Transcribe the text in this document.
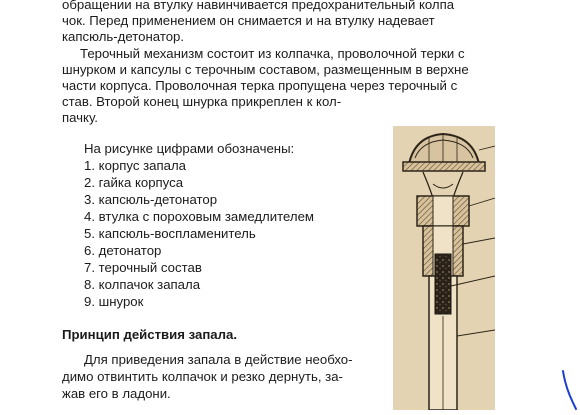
обращении на втулку навинчивается предохранительный колпа
чок. Перед применением он снимается и на втулку надевает
капсюль-детонатор.
Терочный механизм состоит из колпачка, проволочной терки с
шнурком и капсулы с терочным составом, размещенным в верхне
части корпуса. Проволочная терка пропущена через терочный с
став. Второй конец шнурка прикреплен к кол-
пачку.
На рисунке цифрами обозначены:
1. корпус запала
2. гайка корпуса
3. капсюль-детонатор
4. втулка с пороховым замедлителем
5. капсюль-воспламенитель
6. детонатор
7. терочный состав
8. колпачок запала
9. шнурок
Принцип действия запала.
Для приведения запала в действие необхо-
димо отвинтить колпачок и резко дернуть, за-
жав его в ладони.
